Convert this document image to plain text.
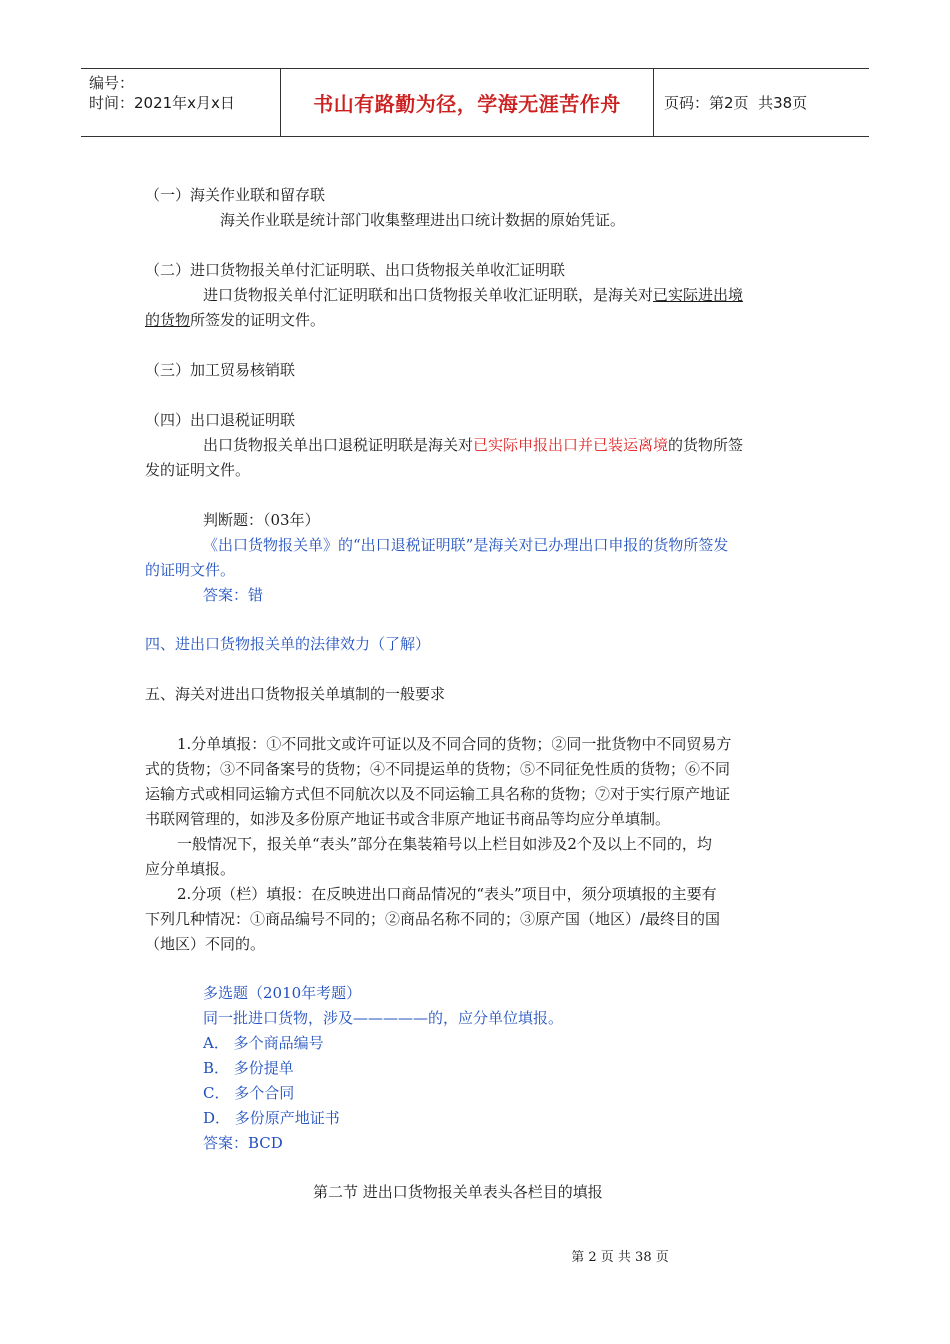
编号：
时间：2021年x月x日	书山有路勤为径，学海无涯苦作舟	页码：第2页  共38页
（一）海关作业联和留存联
海关作业联是统计部门收集整理进出口统计数据的原始凭证。
（二）进口货物报关单付汇证明联、出口货物报关单收汇证明联
进口货物报关单付汇证明联和出口货物报关单收汇证明联，是海关对已实际进出境
的货物所签发的证明文件。
（三）加工贸易核销联
（四）出口退税证明联
出口货物报关单出口退税证明联是海关对已实际申报出口并已装运离境的货物所签
发的证明文件。
判断题：（03年）
《出口货物报关单》的“出口退税证明联”是海关对已办理出口申报的货物所签发
的证明文件。
答案：错
四、进出口货物报关单的法律效力（了解）
五、海关对进出口货物报关单填制的一般要求
1.分单填报：①不同批文或许可证以及不同合同的货物；②同一批货物中不同贸易方
式的货物；③不同备案号的货物；④不同提运单的货物；⑤不同征免性质的货物；⑥不同
运输方式或相同运输方式但不同航次以及不同运输工具名称的货物；⑦对于实行原产地证
书联网管理的，如涉及多份原产地证书或含非原产地证书商品等均应分单填制。
一般情况下，报关单“表头”部分在集装箱号以上栏目如涉及2个及以上不同的，均
应分单填报。
2.分项（栏）填报：在反映进出口商品情况的“表头”项目中，须分项填报的主要有
下列几种情况：①商品编号不同的；②商品名称不同的；③原产国（地区）/最终目的国
（地区）不同的。
多选题（2010年考题）
同一批进口货物，涉及—————的，应分单位填报。
A． 多个商品编号
B． 多份提单
C． 多个合同
D． 多份原产地证书
答案：BCD
第二节 进出口货物报关单表头各栏目的填报
第 2 页 共 38 页
